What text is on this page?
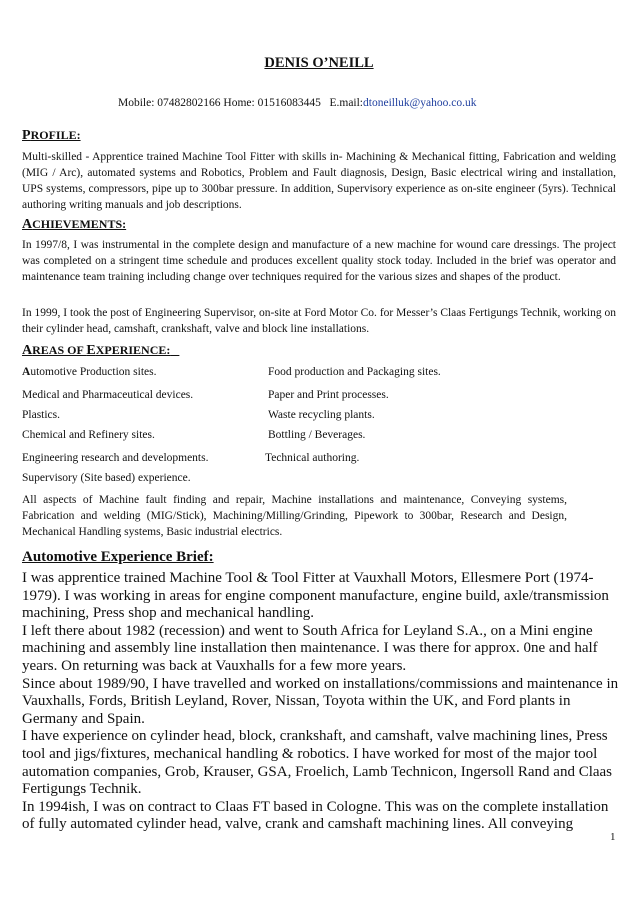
DENIS O’NEILL
Mobile: 07482802166 Home: 01516083445 E.mail:dtoneilluk@yahoo.co.uk
PROFILE:
Multi-skilled - Apprentice trained Machine Tool Fitter with skills in- Machining & Mechanical fitting, Fabrication and welding (MIG / Arc), automated systems and Robotics, Problem and Fault diagnosis, Design, Basic electrical wiring and installation, UPS systems, compressors, pipe up to 300bar pressure. In addition, Supervisory experience as on-site engineer (5yrs). Technical authoring writing manuals and job descriptions.
ACHIEVEMENTS:
In 1997/8, I was instrumental in the complete design and manufacture of a new machine for wound care dressings. The project was completed on a stringent time schedule and produces excellent quality stock today. Included in the brief was operator and maintenance team training including change over techniques required for the various sizes and shapes of the product.
In 1999, I took the post of Engineering Supervisor, on-site at Ford Motor Co. for Messer’s Claas Fertigungs Technik, working on their cylinder head, camshaft, crankshaft, valve and block line installations.
AREAS OF EXPERIENCE:
Automotive Production sites.
Medical and Pharmaceutical devices.
Plastics.
Chemical and Refinery sites.
Engineering research and developments.
Food production and Packaging sites.
Paper and Print processes.
Waste recycling plants.
Bottling / Beverages.
Technical authoring.
Supervisory (Site based) experience.
All aspects of Machine fault finding and repair, Machine installations and maintenance, Conveying systems, Fabrication and welding (MIG/Stick), Machining/Milling/Grinding, Pipework to 300bar, Research and Design, Mechanical Handling systems, Basic industrial electrics.
Automotive Experience Brief:

I was apprentice trained Machine Tool & Tool Fitter at Vauxhall Motors, Ellesmere Port (1974-1979). I was working in areas for engine component manufacture, engine build, axle/transmission machining, Press shop and mechanical handling.

I left there about 1982 (recession) and went to South Africa for Leyland S.A., on a Mini engine machining and assembly line installation then maintenance. I was there for approx. 0ne and half years. On returning was back at Vauxhalls for a few more years.

Since about 1989/90, I have travelled and worked on installations/commissions and maintenance in Vauxhalls, Fords, British Leyland, Rover, Nissan, Toyota within the UK, and Ford plants in Germany and Spain.

I have experience on cylinder head, block, crankshaft, and camshaft, valve machining lines, Press tool and jigs/fixtures, mechanical handling & robotics. I have worked for most of the major tool automation companies, Grob, Krauser, GSA, Froelich, Lamb Technicon, Ingersoll Rand and Claas Fertigungs Technik.

In 1994ish, I was on contract to Claas FT based in Cologne. This was on the complete installation of fully automated cylinder head, valve, crank and camshaft machining lines. All conveying

1
